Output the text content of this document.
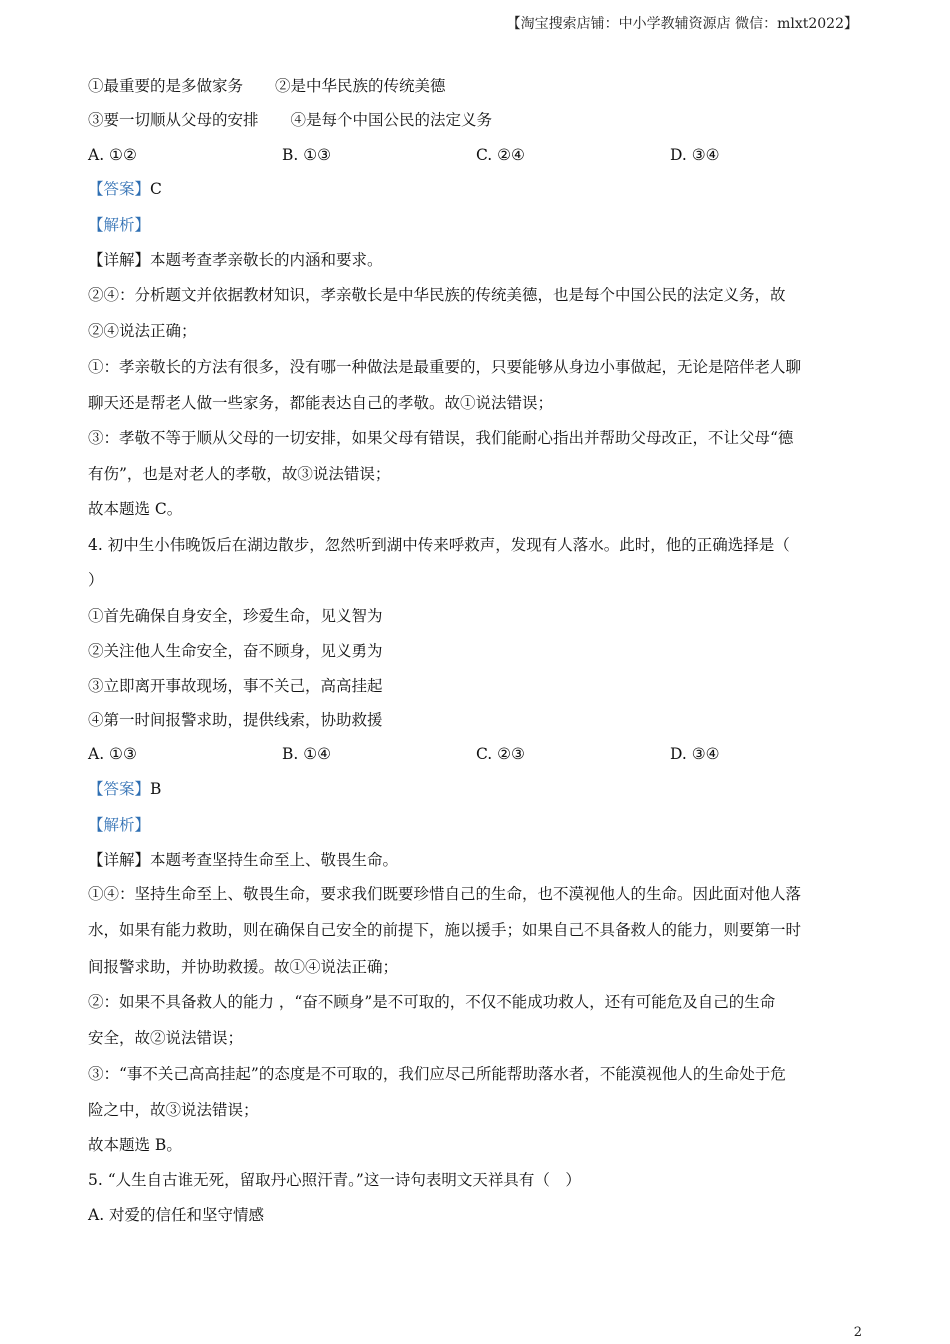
【淘宝搜索店铺：中小学教辅资源店 微信：mlxt2022】
①最重要的是多做家务 ②是中华民族的传统美德
③要一切顺从父母的安排 ④是每个中国公民的法定义务
A. ①②	B. ①③	C. ②④	D. ③④
【答案】C
【解析】
【详解】本题考查孝亲敬长的内涵和要求。
②④：分析题文并依据教材知识，孝亲敬长是中华民族的传统美德，也是每个中国公民的法定义务，故
②④说法正确；
①：孝亲敬长的方法有很多，没有哪一种做法是最重要的，只要能够从身边小事做起，无论是陪伴老人聊
聊天还是帮老人做一些家务，都能表达自己的孝敬。故①说法错误；
③：孝敬不等于顺从父母的一切安排，如果父母有错误，我们能耐心指出并帮助父母改正，不让父母“德
有伤”，也是对老人的孝敬，故③说法错误；
故本题选 C。
4. 初中生小伟晚饭后在湖边散步，忽然听到湖中传来呼救声，发现有人落水。此时，他的正确选择是（
）
①首先确保自身安全，珍爱生命，见义智为
②关注他人生命安全，奋不顾身，见义勇为
③立即离开事故现场，事不关己，高高挂起
④第一时间报警求助，提供线索，协助救援
A. ①③	B. ①④	C. ②③	D. ③④
【答案】B
【解析】
【详解】本题考查坚持生命至上、敬畏生命。
①④：坚持生命至上、敬畏生命，要求我们既要珍惜自己的生命，也不漠视他人的生命。因此面对他人落
水，如果有能力救助，则在确保自己安全的前提下，施以援手；如果自己不具备救人的能力，则要第一时
间报警求助，并协助救援。故①④说法正确；
②：如果不具备救人的能力 ，“奋不顾身”是不可取的，不仅不能成功救人，还有可能危及自己的生命
安全，故②说法错误；
③：“事不关己高高挂起”的态度是不可取的，我们应尽己所能帮助落水者，不能漠视他人的生命处于危
险之中，故③说法错误；
故本题选 B。
5. “人生自古谁无死，留取丹心照汗青。”这一诗句表明文天祥具有（　）
A. 对爱的信任和坚守情感
2
